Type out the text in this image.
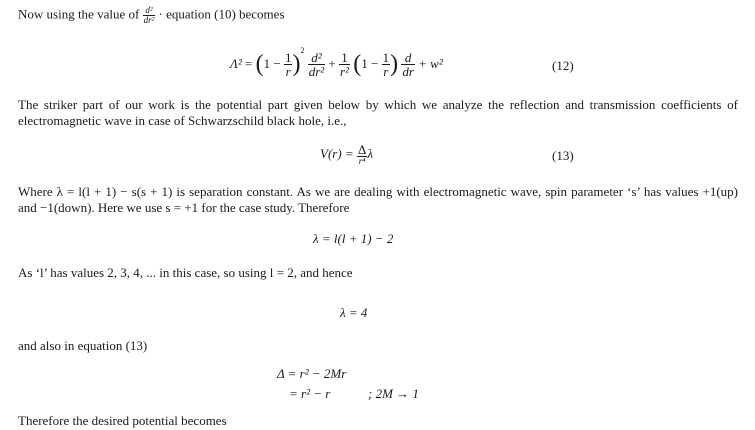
Now using the value of $\frac{\text{d²}}{\text{dr²}}$ · equation (10) becomes
Λ²
=
( 1
−
$\frac{1}{r} )^2$
$\frac{\text{d²}}{\text{dr²}}$
+
$\frac{1}{\text{r²}}$
( 1
−
$\frac{1}{r}$ )
$\frac{d}{dr}$
+ w²	(12)
The striker part of our work is the potential part given below by which we analyze the reflection and transmission coefficients of electromagnetic wave in case of Schwarzschild black hole, i.e.,
V(r) =
$\frac{\Delta}{\text{r⁴}}$ λ	(13)
Where λ = l(l + 1) − s(s + 1) is separation constant. As we are dealing with electromagnetic wave, spin parameter ‘s’ has values +1(up) and −1(down). Here we use s = +1 for the case study. Therefore
λ = l(l + 1) − 2
As ‘l’ has values 2, 3, 4, ... in this case, so using l = 2, and hence
λ = 4
and also in equation (13)
Δ = r² − 2Mr
= r² − r	; 2M → 1
Therefore the desired potential becomes
